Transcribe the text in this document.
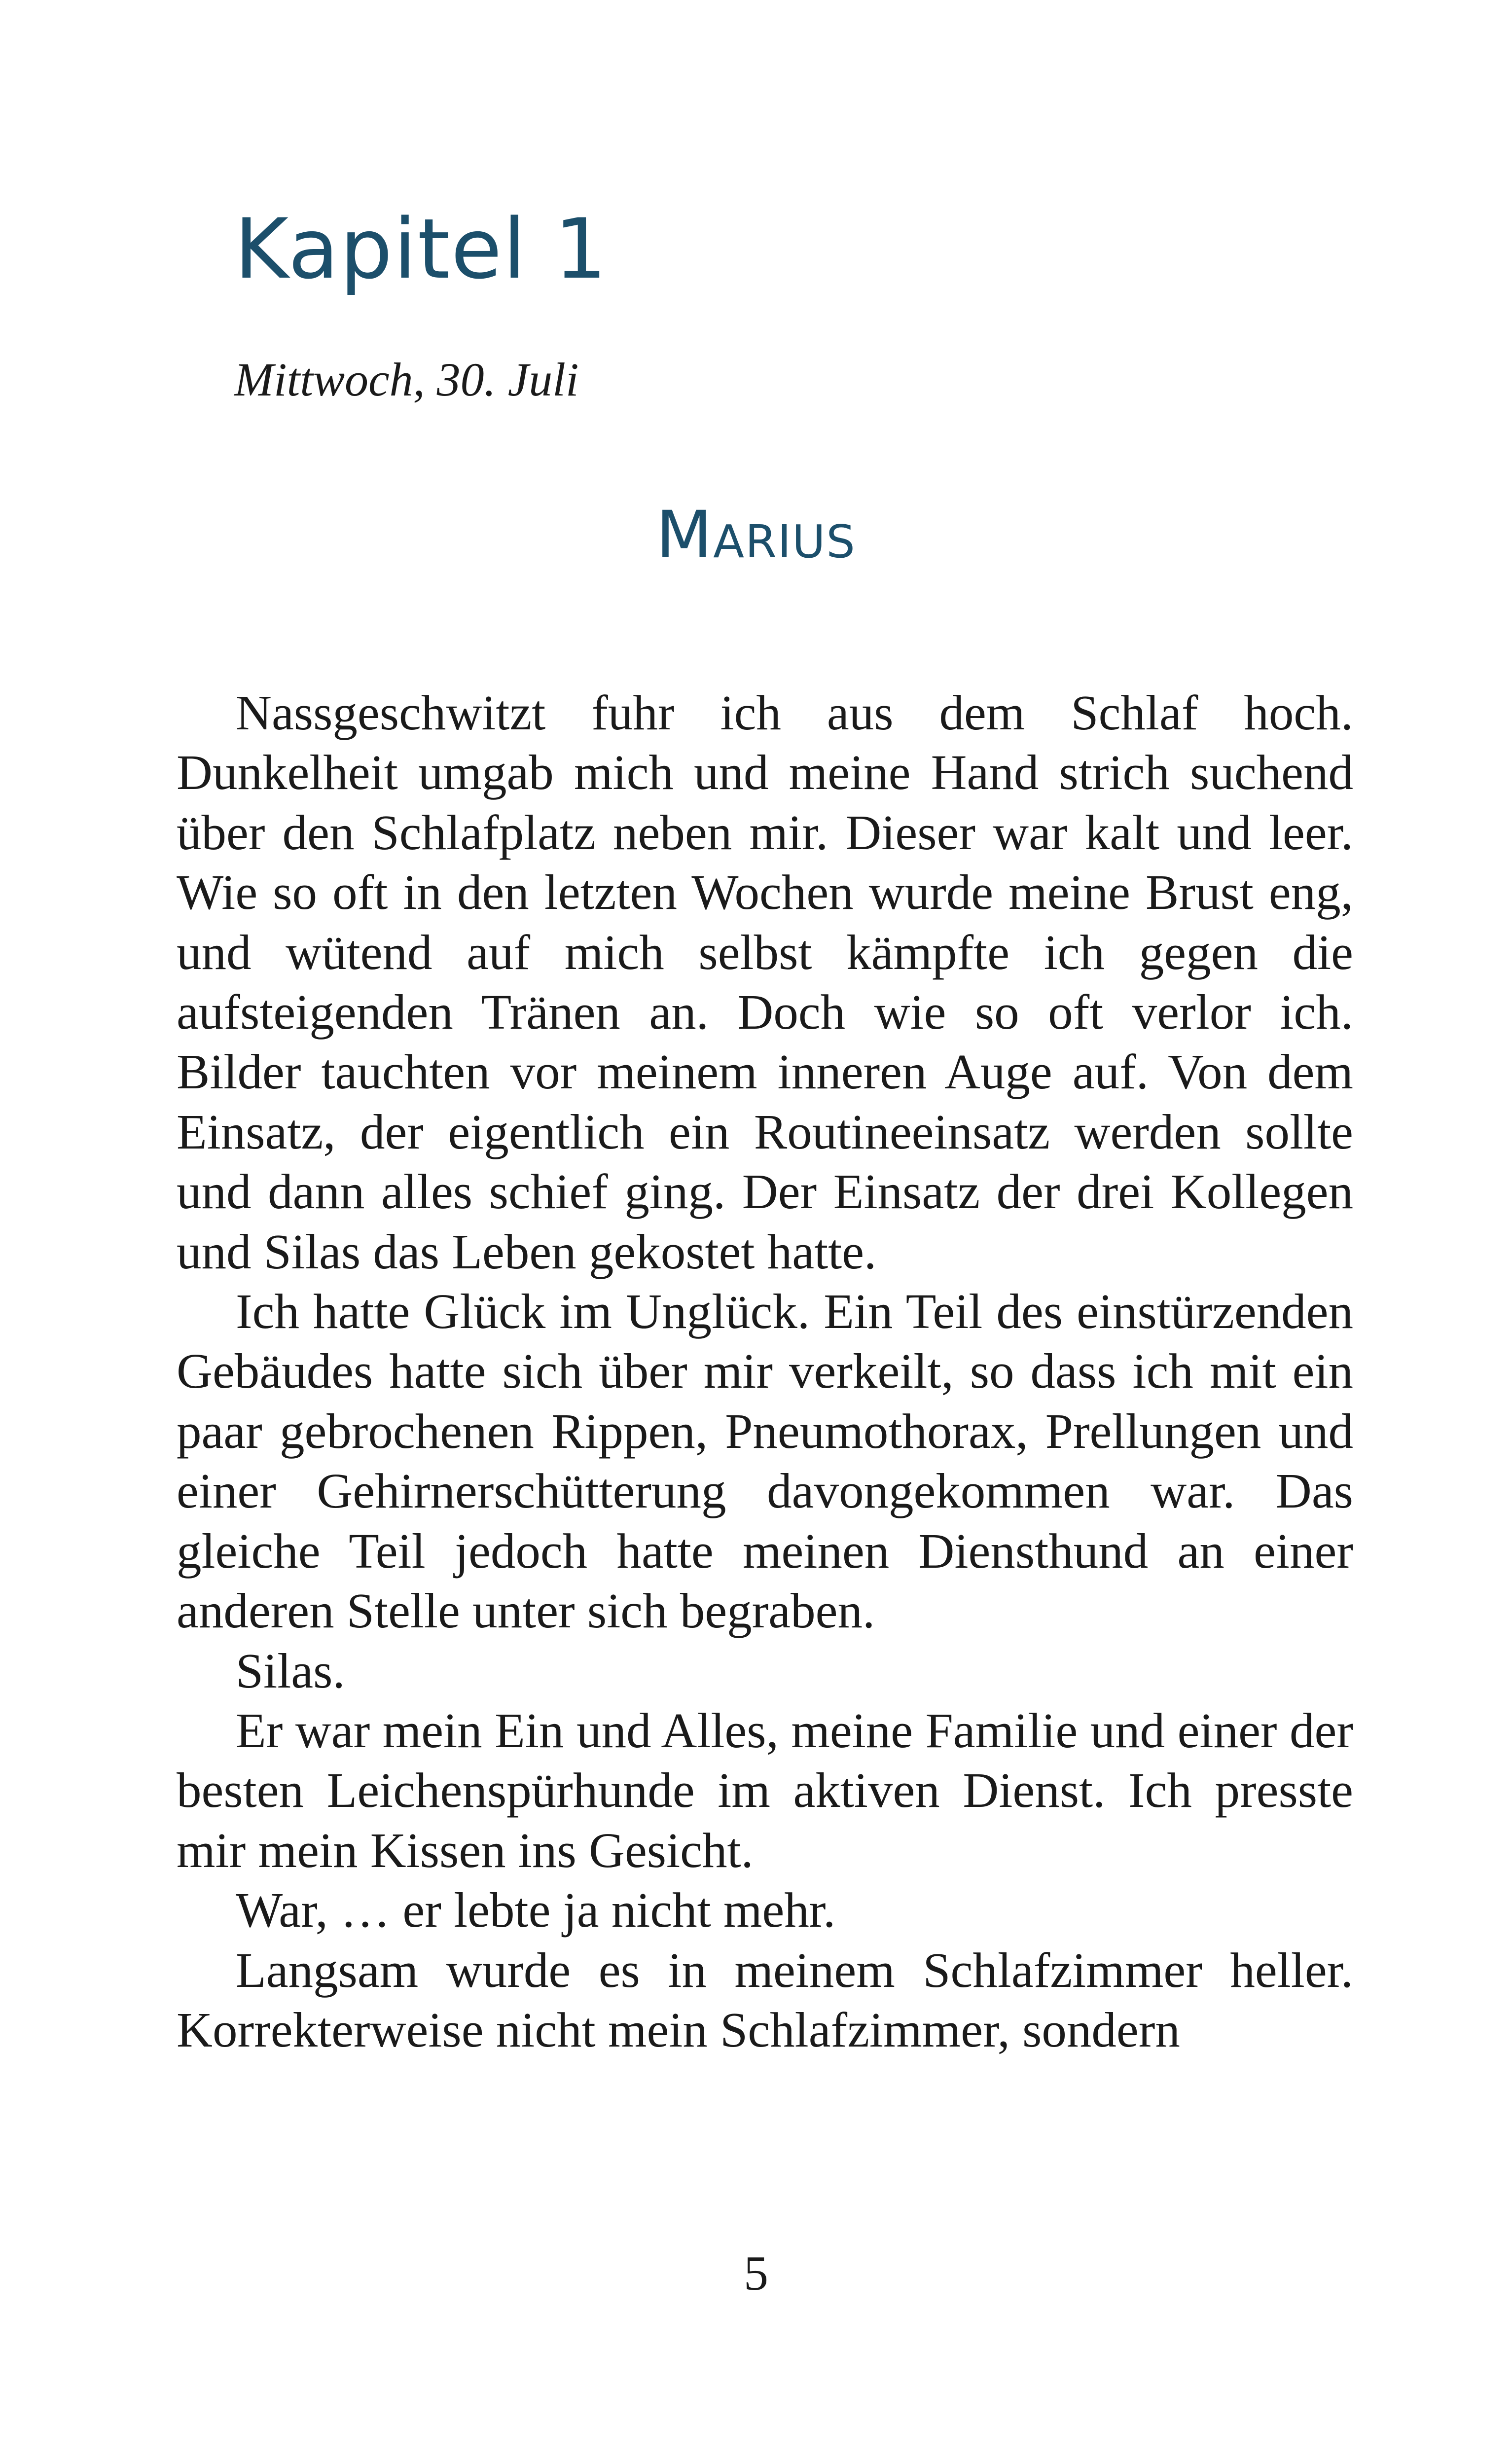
Kapitel 1
Mittwoch, 30. Juli
Marius

Nassgeschwitzt fuhr ich aus dem Schlaf hoch. Dunkelheit umgab mich und meine Hand strich suchend über den Schlafplatz neben mir. Dieser war kalt und leer. Wie so oft in den letzten Wochen wurde meine Brust eng, und wütend auf mich selbst kämpfte ich gegen die aufsteigenden Tränen an. Doch wie so oft verlor ich. Bilder tauchten vor meinem inneren Auge auf. Von dem Einsatz, der eigentlich ein Routineeinsatz werden sollte und dann alles schief ging. Der Einsatz der drei Kollegen und Silas das Leben gekostet hatte.

Ich hatte Glück im Unglück. Ein Teil des einstürzenden Gebäudes hatte sich über mir verkeilt, so dass ich mit ein paar gebrochenen Rippen, Pneumothorax, Prellungen und einer Gehirnerschütterung davongekommen war. Das gleiche Teil jedoch hatte meinen Diensthund an einer anderen Stelle unter sich begraben.

Silas.

Er war mein Ein und Alles, meine Familie und einer der besten Leichenspürhunde im aktiven Dienst. Ich presste mir mein Kissen ins Gesicht.

War, … er lebte ja nicht mehr.

Langsam wurde es in meinem Schlafzimmer heller. Korrekterweise nicht mein Schlafzimmer, sondern

5
